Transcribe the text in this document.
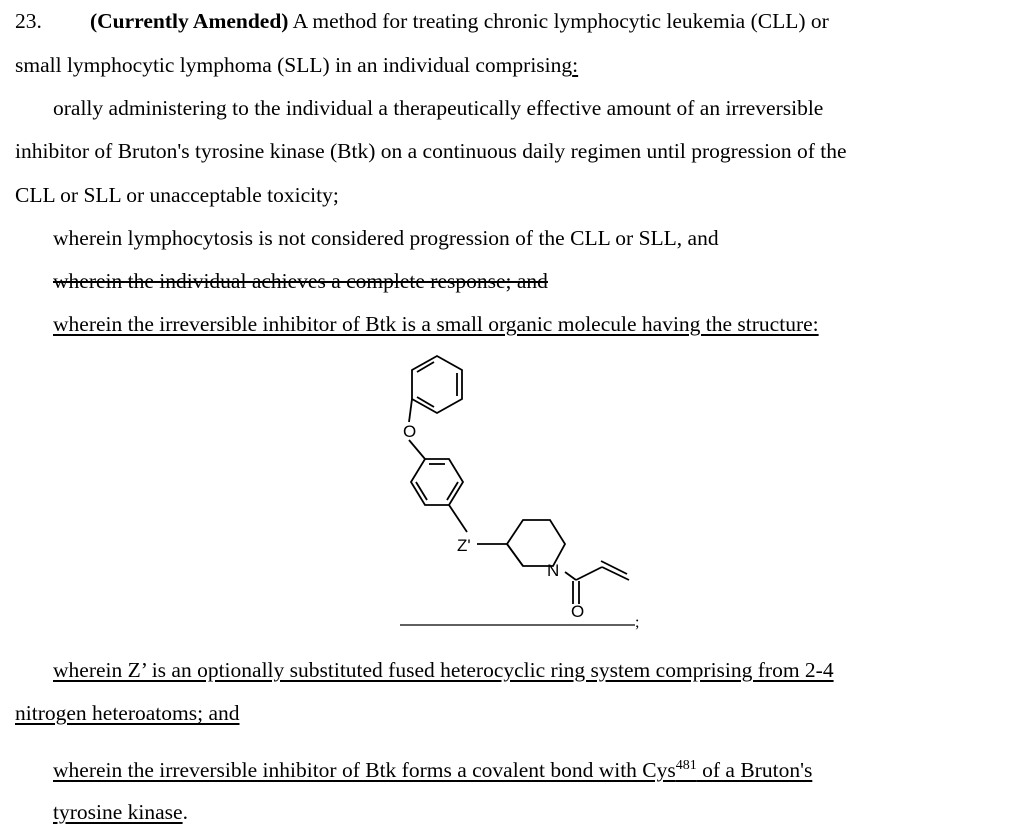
23. (Currently Amended) A method for treating chronic lymphocytic leukemia (CLL) or

small lymphocytic lymphoma (SLL) in an individual comprising:

orally administering to the individual a therapeutically effective amount of an irreversible

inhibitor of Bruton's tyrosine kinase (Btk) on a continuous daily regimen until progression of the

CLL or SLL or unacceptable toxicity;

wherein lymphocytosis is not considered progression of the CLL or SLL, and

wherein the individual achieves a complete response; and

wherein the irreversible inhibitor of Btk is a small organic molecule having the structure:

O
Z'
N
O
;

wherein Z’ is an optionally substituted fused heterocyclic ring system comprising from 2-4

nitrogen heteroatoms; and

wherein the irreversible inhibitor of Btk forms a covalent bond with Cys$^{481}$ of a Bruton's

tyrosine kinase.
